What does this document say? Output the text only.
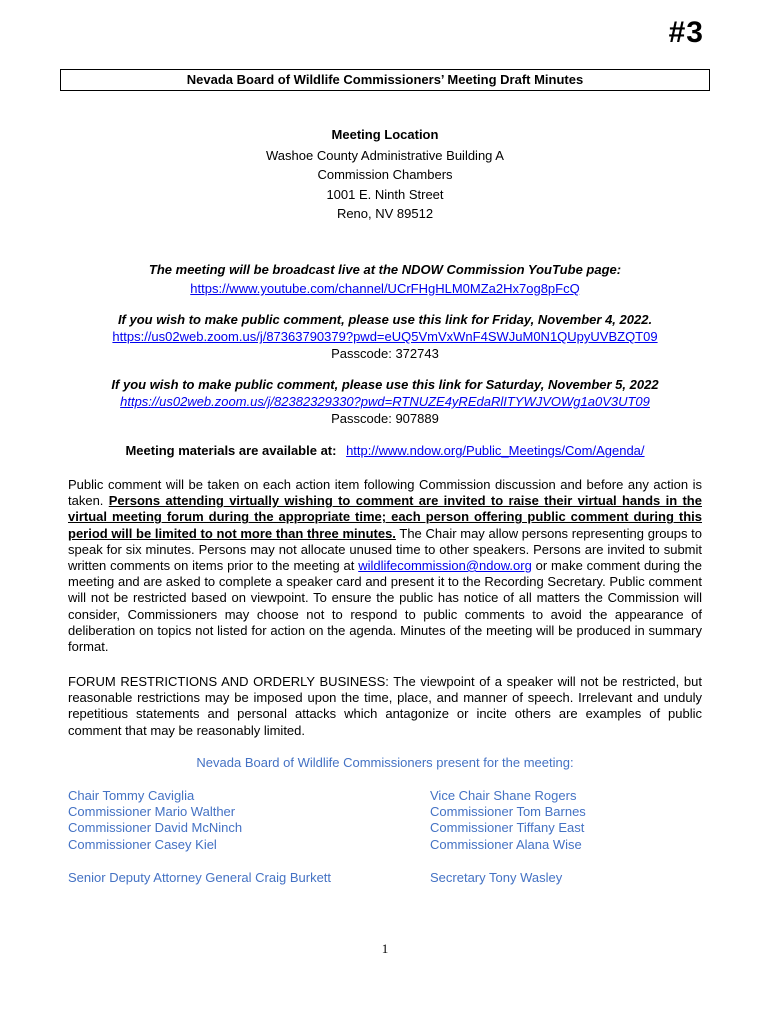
#3
Nevada Board of Wildlife Commissioners’ Meeting Draft Minutes
Meeting Location
Washoe County Administrative Building A
Commission Chambers
1001 E. Ninth Street
Reno, NV 89512
The meeting will be broadcast live at the NDOW Commission YouTube page:
https://www.youtube.com/channel/UCrFHgHLM0MZa2Hx7og8pFcQ
If you wish to make public comment, please use this link for Friday, November 4, 2022.
https://us02web.zoom.us/j/87363790379?pwd=eUQ5VmVxWnF4SWJuM0N1QUpyUVBZQT09
Passcode: 372743
If you wish to make public comment, please use this link for Saturday, November 5, 2022
https://us02web.zoom.us/j/82382329330?pwd=RTNUZE4yREdaRlITYWJVOWg1a0V3UT09
Passcode: 907889
Meeting materials are available at: http://www.ndow.org/Public_Meetings/Com/Agenda/
Public comment will be taken on each action item following Commission discussion and before any action is taken. Persons attending virtually wishing to comment are invited to raise their virtual hands in the virtual meeting forum during the appropriate time; each person offering public comment during this period will be limited to not more than three minutes. The Chair may allow persons representing groups to speak for six minutes. Persons may not allocate unused time to other speakers. Persons are invited to submit written comments on items prior to the meeting at wildlifecommission@ndow.org or make comment during the meeting and are asked to complete a speaker card and present it to the Recording Secretary. Public comment will not be restricted based on viewpoint. To ensure the public has notice of all matters the Commission will consider, Commissioners may choose not to respond to public comments to avoid the appearance of deliberation on topics not listed for action on the agenda. Minutes of the meeting will be produced in summary format.
FORUM RESTRICTIONS AND ORDERLY BUSINESS: The viewpoint of a speaker will not be restricted, but reasonable restrictions may be imposed upon the time, place, and manner of speech. Irrelevant and unduly repetitious statements and personal attacks which antagonize or incite others are examples of public comment that may be reasonably limited.
Nevada Board of Wildlife Commissioners present for the meeting:
Chair Tommy Caviglia
Commissioner Mario Walther
Commissioner David McNinch
Commissioner Casey Kiel
Vice Chair Shane Rogers
Commissioner Tom Barnes
Commissioner Tiffany East
Commissioner Alana Wise
Senior Deputy Attorney General Craig Burkett	Secretary Tony Wasley
1
